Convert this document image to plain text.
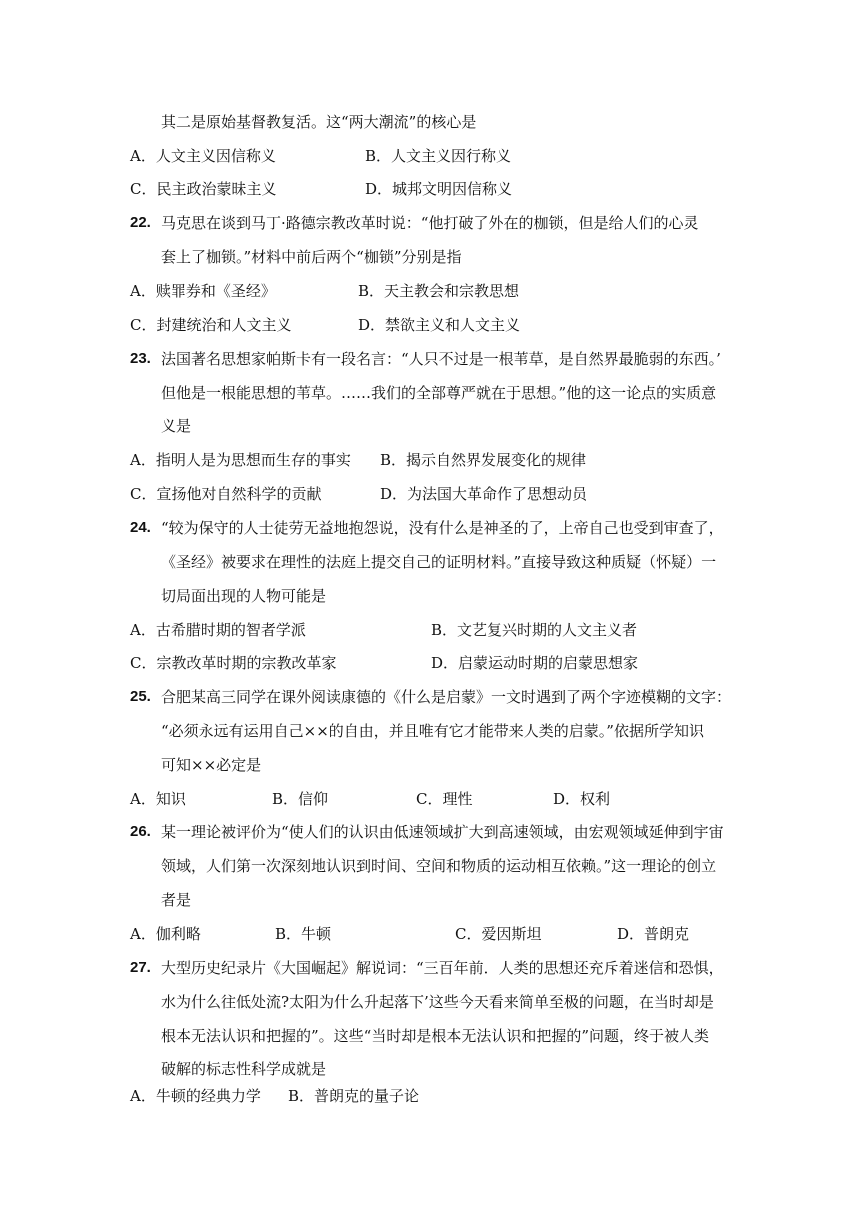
其二是原始基督教复活。这“两大潮流”的核心是
A．人文主义因信称义	B．人文主义因行称义
C．民主政治蒙昧主义	D．城邦文明因信称义
22. 马克思在谈到马丁·路德宗教改革时说：“他打破了外在的枷锁，但是给人们的心灵
套上了枷锁。”材料中前后两个“枷锁”分别是指
A．赎罪券和《圣经》	B．天主教会和宗教思想
C．封建统治和人文主义	D．禁欲主义和人文主义
23. 法国著名思想家帕斯卡有一段名言：“人只不过是一根苇草，是自然界最脆弱的东西。’
但他是一根能思想的苇草。……我们的全部尊严就在于思想。”他的这一论点的实质意
义是
A．指明人是为思想而生存的事实 B．揭示自然界发展变化的规律
C．宣扬他对自然科学的贡献	D．为法国大革命作了思想动员
24. “较为保守的人士徒劳无益地抱怨说，没有什么是神圣的了，上帝自己也受到审查了，
《圣经》被要求在理性的法庭上提交自己的证明材料。”直接导致这种质疑（怀疑）一
切局面出现的人物可能是
A．古希腊时期的智者学派	B．文艺复兴时期的人文主义者
C．宗教改革时期的宗教改革家	D．启蒙运动时期的启蒙思想家
25. 合肥某高三同学在课外阅读康德的《什么是启蒙》一文时遇到了两个字迹模糊的文字：
“必须永远有运用自己××的自由，并且唯有它才能带来人类的启蒙。”依据所学知识
可知××必定是
A．知识	B．信仰	C．理性	D．权利
26. 某一理论被评价为“使人们的认识由低速领域扩大到高速领域，由宏观领域延伸到宇宙
领域，人们第一次深刻地认识到时间、空间和物质的运动相互依赖。”这一理论的创立
者是
A．伽利略	B．牛顿	C．爱因斯坦	D．普朗克
27. 大型历史纪录片《大国崛起》解说词：“三百年前．人类的思想还充斥着迷信和恐惧，
水为什么往低处流?太阳为什么升起落下’这些今天看来简单至极的问题，在当时却是
根本无法认识和把握的”。这些“当时却是根本无法认识和把握的”问题，终于被人类
破解的标志性科学成就是
A．牛顿的经典力学 B．普朗克的量子论
